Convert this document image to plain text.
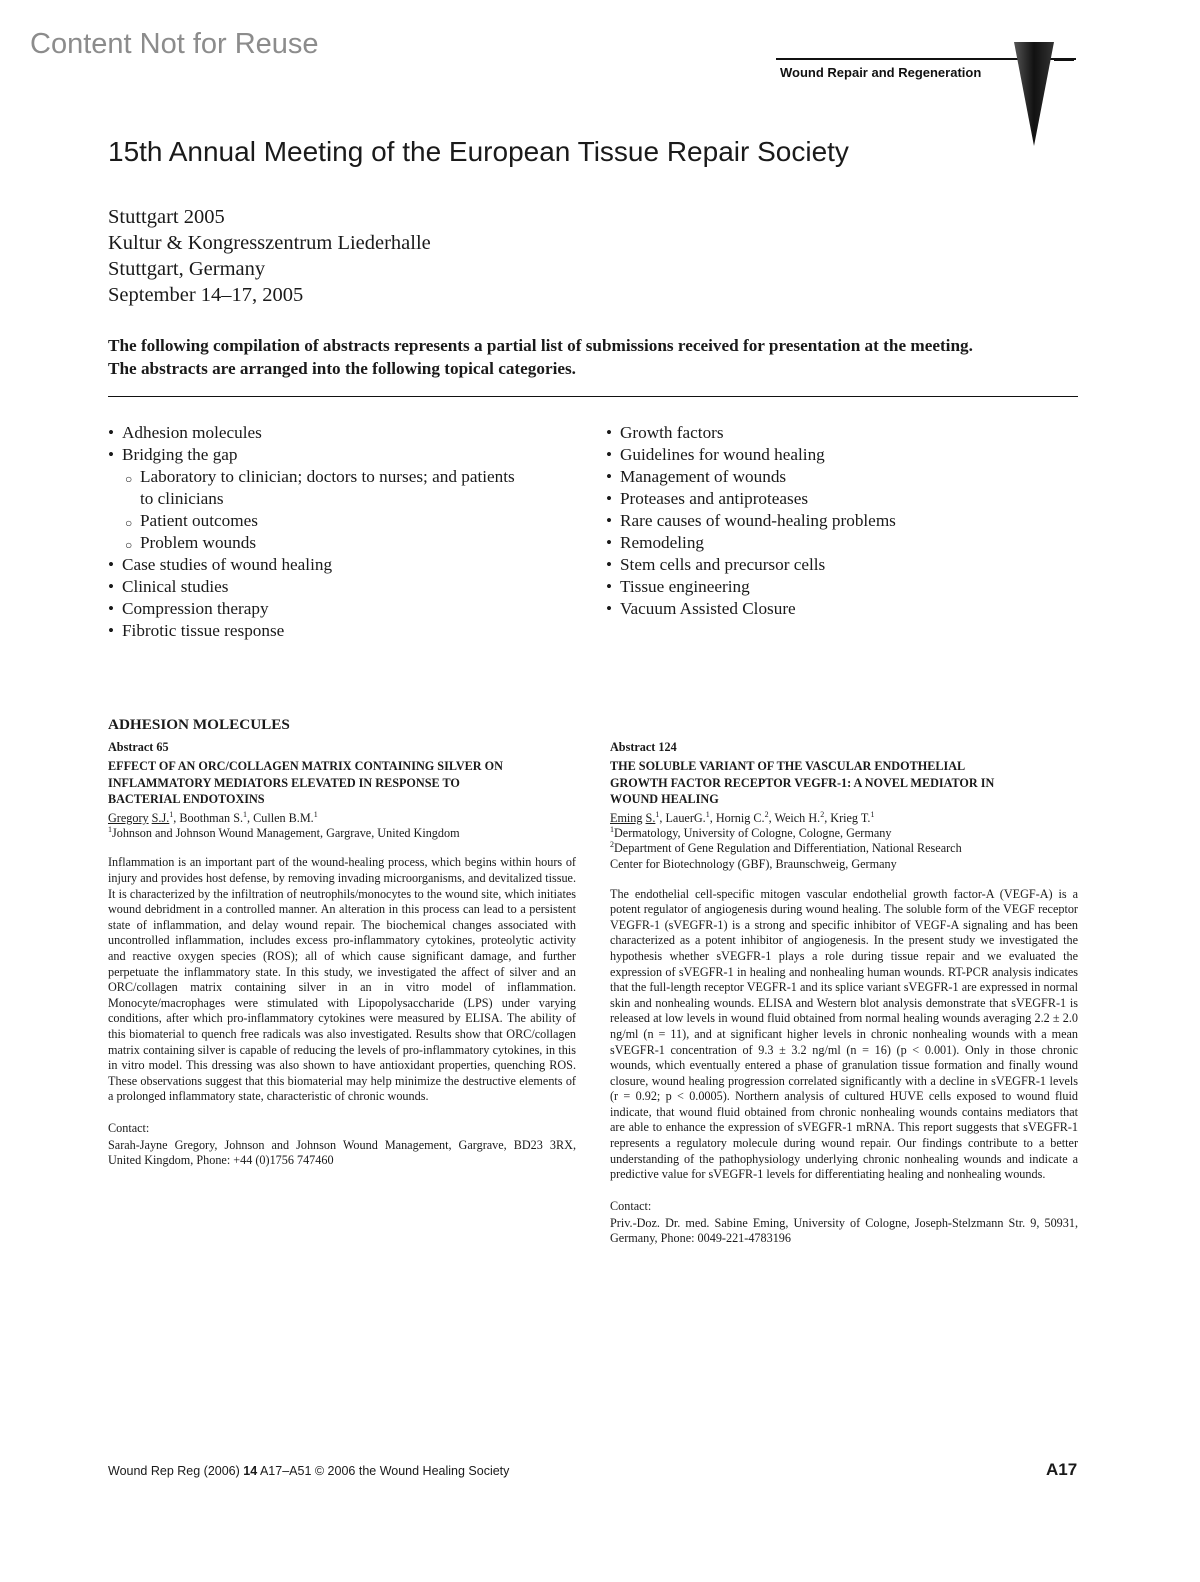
Content Not for Reuse
Wound Repair and Regeneration
15th Annual Meeting of the European Tissue Repair Society
Stuttgart 2005
Kultur & Kongresszentrum Liederhalle
Stuttgart, Germany
September 14–17, 2005
The following compilation of abstracts represents a partial list of submissions received for presentation at the meeting.
The abstracts are arranged into the following topical categories.
• Adhesion molecules
• Bridging the gap
○ Laboratory to clinician; doctors to nurses; and patients
to clinicians
○ Patient outcomes
○ Problem wounds
• Case studies of wound healing
• Clinical studies
• Compression therapy
• Fibrotic tissue response
• Growth factors
• Guidelines for wound healing
• Management of wounds
• Proteases and antiproteases
• Rare causes of wound-healing problems
• Remodeling
• Stem cells and precursor cells
• Tissue engineering
• Vacuum Assisted Closure
ADHESION MOLECULES
Abstract 65
EFFECT OF AN ORC/COLLAGEN MATRIX CONTAINING SILVER ON
INFLAMMATORY MEDIATORS ELEVATED IN RESPONSE TO
BACTERIAL ENDOTOXINS
Gregory S.J.$^1$, Boothman S.$^1$, Cullen B.M.$^1$
$^1$Johnson and Johnson Wound Management, Gargrave, United Kingdom
Inflammation is an important part of the wound-healing process, which begins within hours of injury and provides host defense, by removing invading microorganisms, and devitalized tissue. It is characterized by the infiltration of neutrophils/monocytes to the wound site, which initiates wound debridment in a controlled manner. An alteration in this process can lead to a persistent state of inflammation, and delay wound repair. The biochemical changes associated with uncontrolled inflammation, includes excess pro-inflammatory cytokines, proteolytic activity and reactive oxygen species (ROS); all of which cause significant damage, and further perpetuate the inflammatory state. In this study, we investigated the affect of silver and an ORC/collagen matrix containing silver in an in vitro model of inflammation. Monocyte/macrophages were stimulated with Lipopolysaccharide (LPS) under varying conditions, after which pro-inflammatory cytokines were measured by ELISA. The ability of this biomaterial to quench free radicals was also investigated. Results show that ORC/collagen matrix containing silver is capable of reducing the levels of pro-inflammatory cytokines, in this in vitro model. This dressing was also shown to have antioxidant properties, quenching ROS. These observations suggest that this biomaterial may help minimize the destructive elements of a prolonged inflammatory state, characteristic of chronic wounds.
Contact:
Sarah-Jayne Gregory, Johnson and Johnson Wound Management, Gargrave, BD23 3RX, United Kingdom, Phone: +44 (0)1756 747460
Abstract 124
THE SOLUBLE VARIANT OF THE VASCULAR ENDOTHELIAL
GROWTH FACTOR RECEPTOR VEGFR-1: A NOVEL MEDIATOR IN
WOUND HEALING
Eming S.$^1$, LauerG.$^1$, Hornig C.$^2$, Weich H.$^2$, Krieg T.$^1$
$^1$Dermatology, University of Cologne, Cologne, Germany
$^2$Department of Gene Regulation and Differentiation, National Research
Center for Biotechnology (GBF), Braunschweig, Germany
The endothelial cell-specific mitogen vascular endothelial growth factor-A (VEGF-A) is a potent regulator of angiogenesis during wound healing. The soluble form of the VEGF receptor VEGFR-1 (sVEGFR-1) is a strong and specific inhibitor of VEGF-A signaling and has been characterized as a potent inhibitor of angiogenesis. In the present study we investigated the hypothesis whether sVEGFR-1 plays a role during tissue repair and we evaluated the expression of sVEGFR-1 in healing and nonhealing human wounds. RT-PCR analysis indicates that the full-length receptor VEGFR-1 and its splice variant sVEGFR-1 are expressed in normal skin and nonhealing wounds. ELISA and Western blot analysis demonstrate that sVEGFR-1 is released at low levels in wound fluid obtained from normal healing wounds averaging 2.2 ± 2.0 ng/ml (n = 11), and at significant higher levels in chronic nonhealing wounds with a mean sVEGFR-1 concentration of 9.3 ± 3.2 ng/ml (n = 16) (p < 0.001). Only in those chronic wounds, which eventually entered a phase of granulation tissue formation and finally wound closure, wound healing progression correlated significantly with a decline in sVEGFR-1 levels (r = 0.92; p < 0.0005). Northern analysis of cultured HUVE cells exposed to wound fluid indicate, that wound fluid obtained from chronic nonhealing wounds contains mediators that are able to enhance the expression of sVEGFR-1 mRNA. This report suggests that sVEGFR-1 represents a regulatory molecule during wound repair. Our findings contribute to a better understanding of the pathophysiology underlying chronic nonhealing wounds and indicate a predictive value for sVEGFR-1 levels for differentiating healing and nonhealing wounds.
Contact:
Priv.-Doz. Dr. med. Sabine Eming, University of Cologne, Joseph-Stelzmann Str. 9, 50931, Germany, Phone: 0049-221-4783196
Wound Rep Reg (2006) 14 A17–A51 © 2006 the Wound Healing Society	A17
